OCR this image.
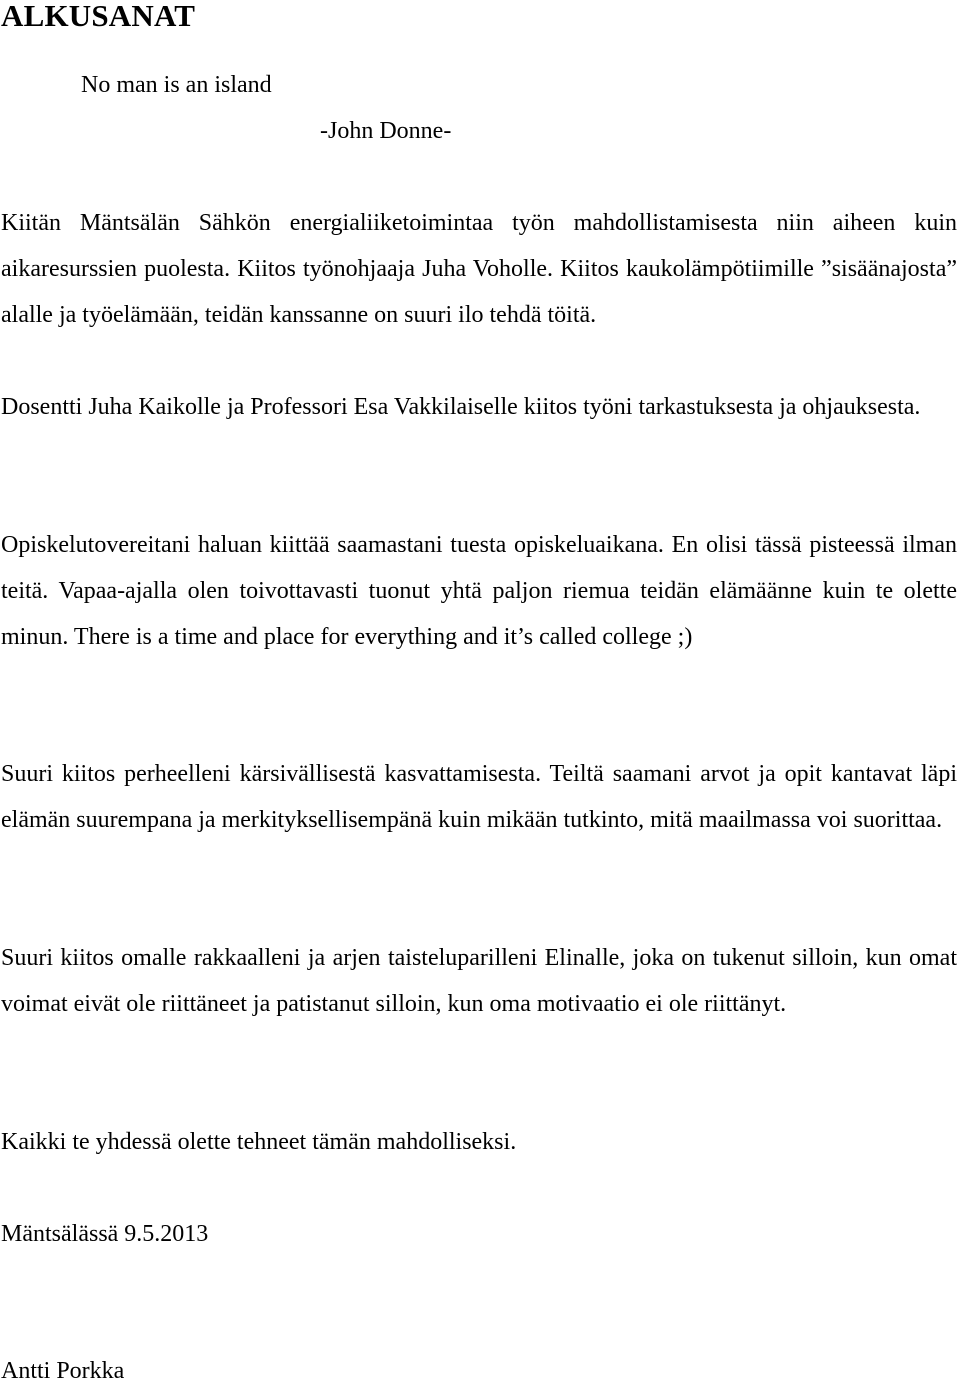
ALKUSANAT

No man is an island

-John Donne-

Kiitän Mäntsälän Sähkön energialiiketoimintaa työn mahdollistamisesta niin aiheen kuin aikaresurssien puolesta. Kiitos työnohjaaja Juha Voholle. Kiitos kaukolämpötiimille ”sisäänajosta” alalle ja työelämään, teidän kanssanne on suuri ilo tehdä töitä.

Dosentti Juha Kaikolle ja Professori Esa Vakkilaiselle kiitos työni tarkastuksesta ja ohjauksesta.

Opiskelutovereitani haluan kiittää saamastani tuesta opiskeluaikana. En olisi tässä pisteessä ilman teitä. Vapaa-ajalla olen toivottavasti tuonut yhtä paljon riemua teidän elämäänne kuin te olette minun. There is a time and place for everything and it’s called college ;)

Suuri kiitos perheelleni kärsivällisestä kasvattamisesta. Teiltä saamani arvot ja opit kantavat läpi elämän suurempana ja merkityksellisempänä kuin mikään tutkinto, mitä maailmassa voi suorittaa.

Suuri kiitos omalle rakkaalleni ja arjen taisteluparilleni Elinalle, joka on tukenut silloin, kun omat voimat eivät ole riittäneet ja patistanut silloin, kun oma motivaatio ei ole riittänyt.

Kaikki te yhdessä olette tehneet tämän mahdolliseksi.

Mäntsälässä 9.5.2013

Antti Porkka
